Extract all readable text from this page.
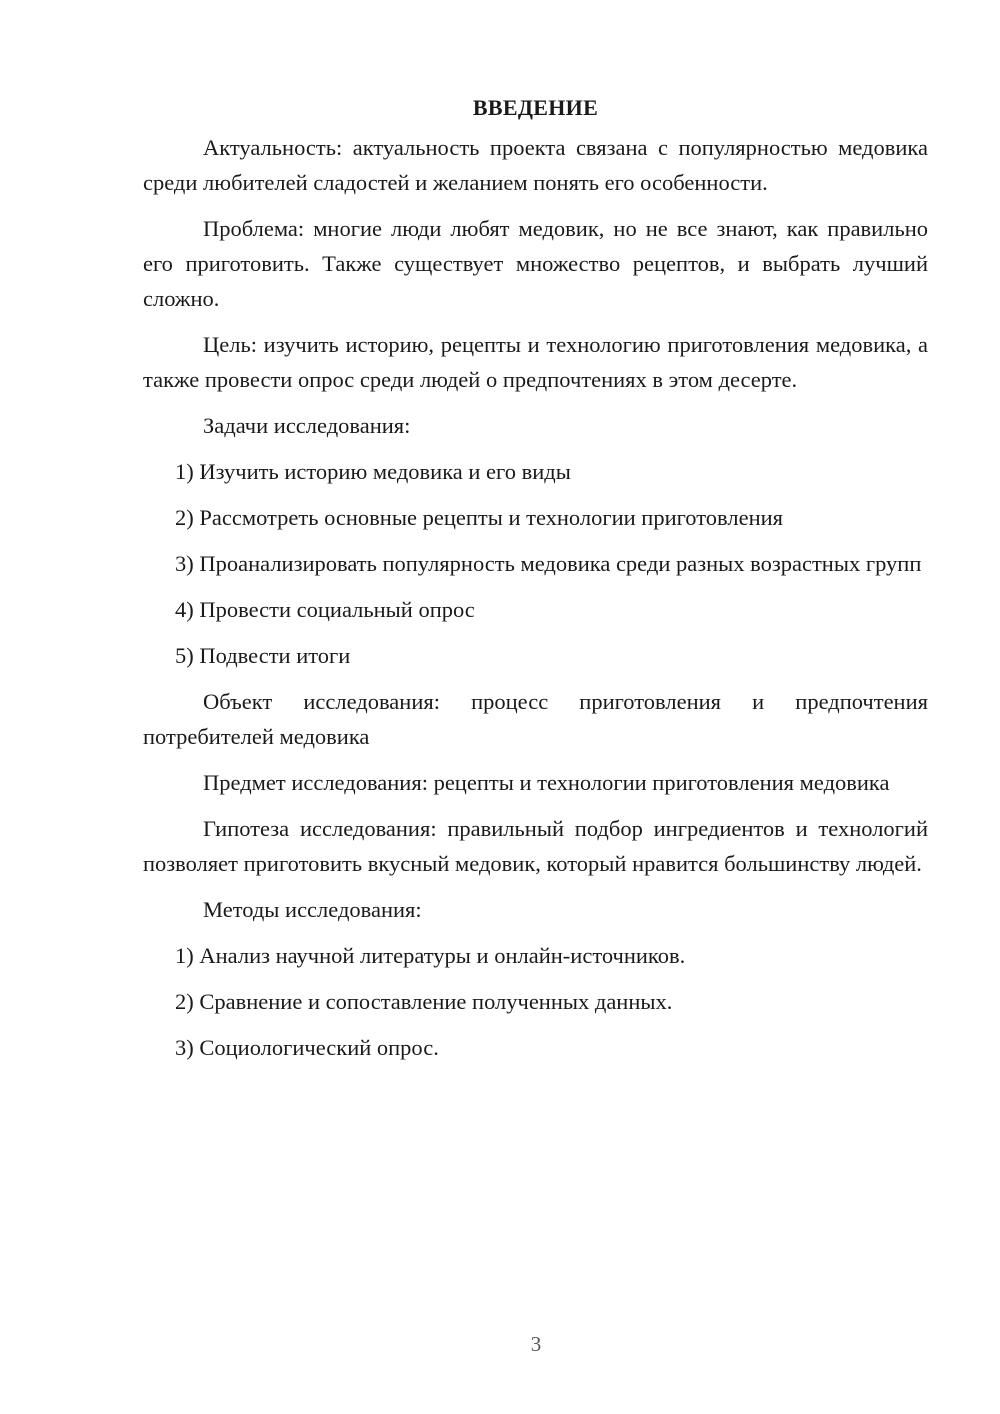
ВВЕДЕНИЕ

Актуальность: актуальность проекта связана с популярностью медовика среди любителей сладостей и желанием понять его особенности.

Проблема: многие люди любят медовик, но не все знают, как правильно его приготовить. Также существует множество рецептов, и выбрать лучший сложно.

Цель: изучить историю, рецепты и технологию приготовления медовика, а также провести опрос среди людей о предпочтениях в этом десерте.

Задачи исследования:

1) Изучить историю медовика и его виды

2) Рассмотреть основные рецепты и технологии приготовления

3) Проанализировать популярность медовика среди разных возрастных групп

4) Провести социальный опрос

5) Подвести итоги

Объект исследования: процесс приготовления и предпочтения потребителей медовика

Предмет исследования: рецепты и технологии приготовления медовика

Гипотеза исследования: правильный подбор ингредиентов и технологий позволяет приготовить вкусный медовик, который нравится большинству людей.

Методы исследования:

1) Анализ научной литературы и онлайн-источников.

2) Сравнение и сопоставление полученных данных.

3) Социологический опрос.

3
